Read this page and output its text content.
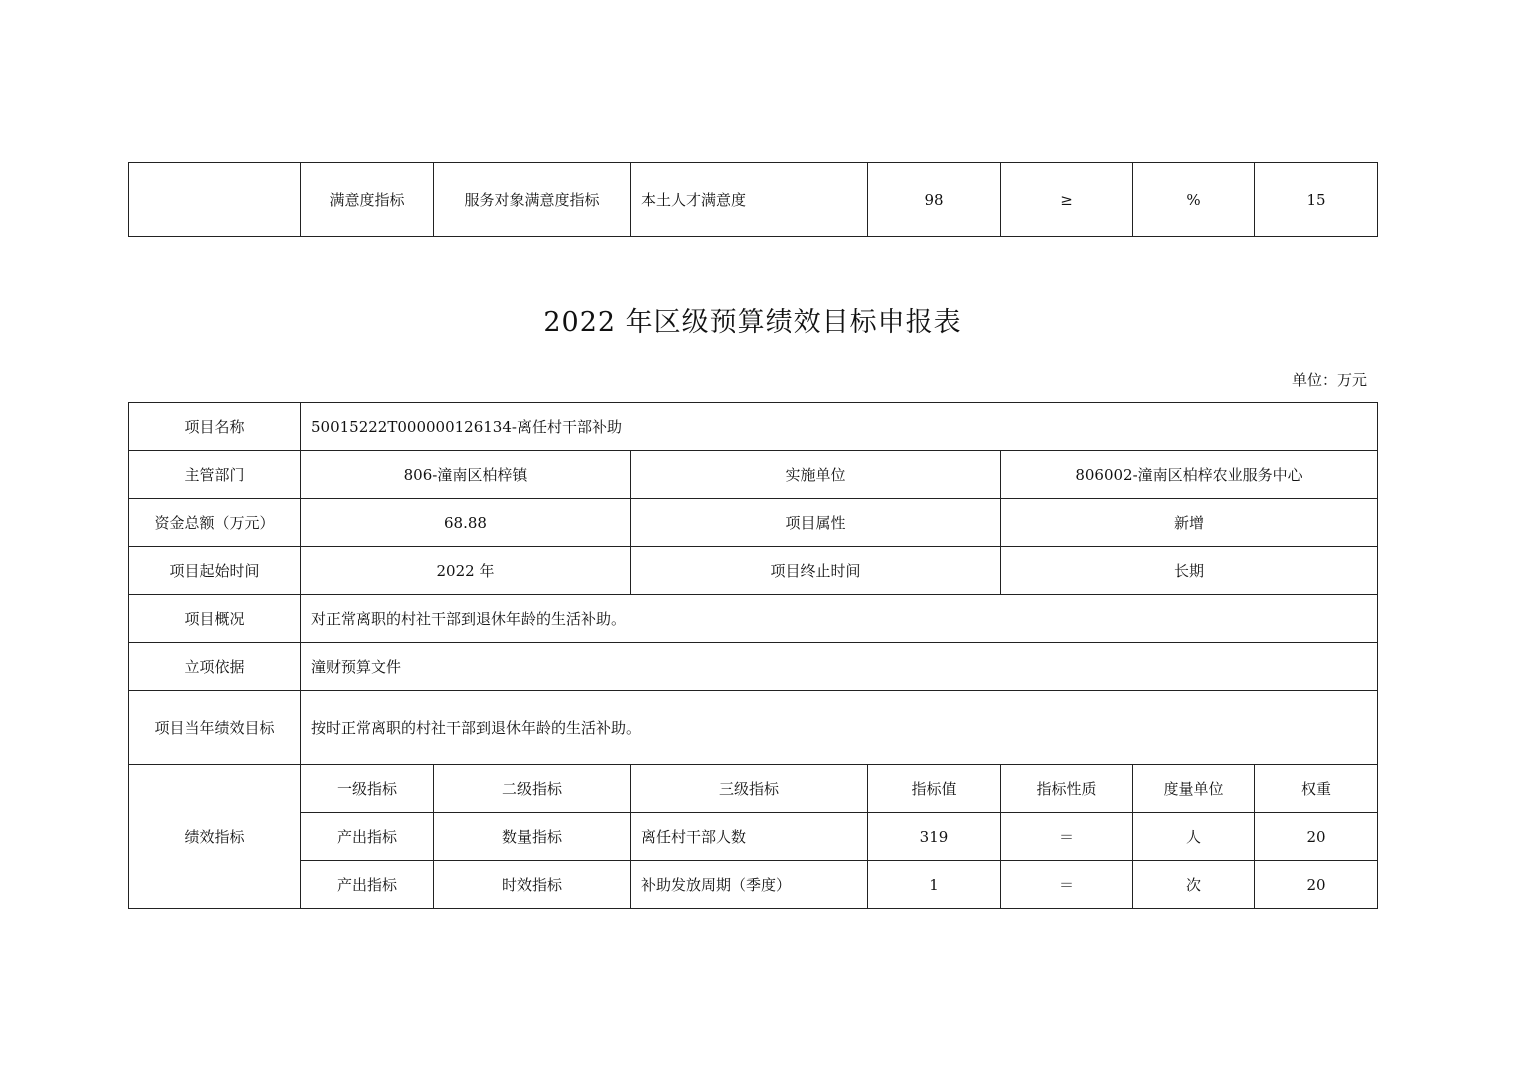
	满意度指标	服务对象满意度指标	本土人才满意度	98	≥	%	15
2022 年区级预算绩效目标申报表
单位：万元
项目名称	50015222T000000126134-离任村干部补助						
主管部门	806-潼南区柏梓镇		实施单位		806002-潼南区柏梓农业服务中心		
资金总额（万元）	68.88		项目属性		新增		
项目起始时间	2022 年		项目终止时间		长期		
项目概况	对正常离职的村社干部到退休年龄的生活补助。						
立项依据	潼财预算文件						
项目当年绩效目标	按时正常离职的村社干部到退休年龄的生活补助。						
绩效指标	一级指标	二级指标	三级指标	指标值	指标性质	度量单位	权重
	产出指标	数量指标	离任村干部人数	319	＝	人	20
	产出指标	时效指标	补助发放周期（季度）	1	＝	次	20
